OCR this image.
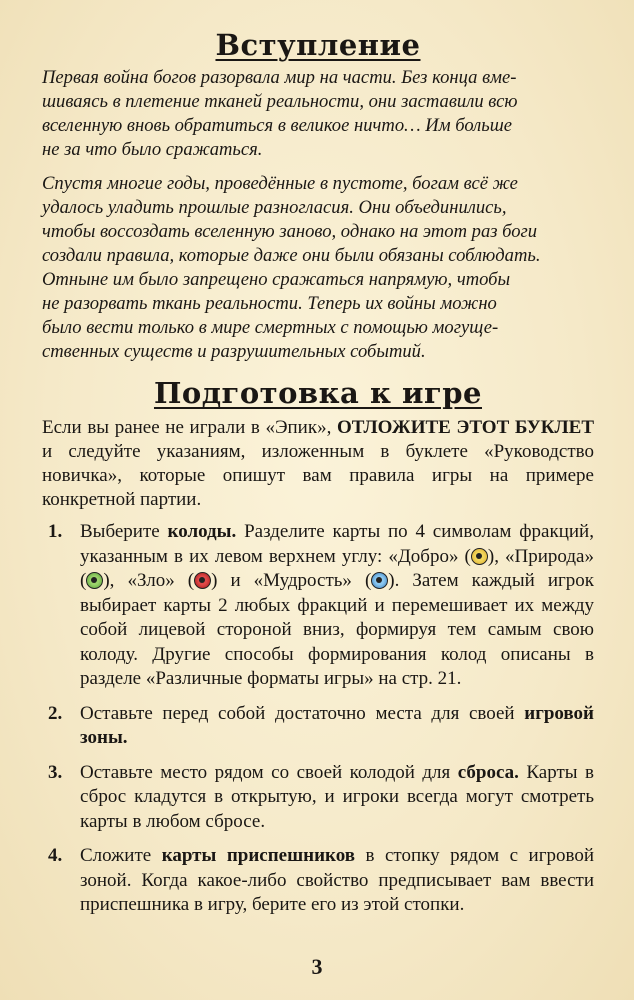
Вступление

Первая война богов разорвала мир на части. Без конца вме-
шиваясь в плетение тканей реальности, они заставили всю
вселенную вновь обратиться в великое ничто… Им больше
не за что было сражаться.

Спустя многие годы, проведённые в пустоте, богам всё же
удалось уладить прошлые разногласия. Они объединились,
чтобы воссоздать вселенную заново, однако на этот раз боги
создали правила, которые даже они были обязаны соблюдать.
Отныне им было запрещено сражаться напрямую, чтобы
не разорвать ткань реальности. Теперь их войны можно
было вести только в мире смертных с помощью могуще-
ственных существ и разрушительных событий.

Подготовка к игре

Если вы ранее не играли в «Эпик», ОТЛОЖИТЕ ЭТОТ БУКЛЕТ и следуйте указаниям, изложенным в буклете «Руководство новичка», которые опишут вам правила игры на примере конкретной партии.

1. Выберите колоды. Разделите карты по 4 символам фракций, указанным в их левом верхнем углу: «Добро» ( ), «Природа» ( ), «Зло» ( ) и «Мудрость» ( ). Затем каждый игрок выбирает карты 2 любых фракций и перемешивает их между собой лицевой стороной вниз, формируя тем самым свою колоду. Другие способы формирования колод описаны в разделе «Различные форматы игры» на стр. 21.
2. Оставьте перед собой достаточно места для своей игровой зоны.
3. Оставьте место рядом со своей колодой для сброса. Карты в сброс кладутся в открытую, и игроки всегда могут смотреть карты в любом сбросе.
4. Сложите карты приспешников в стопку рядом с игровой зоной. Когда какое-либо свойство предписывает вам ввести приспешника в игру, берите его из этой стопки.
3
